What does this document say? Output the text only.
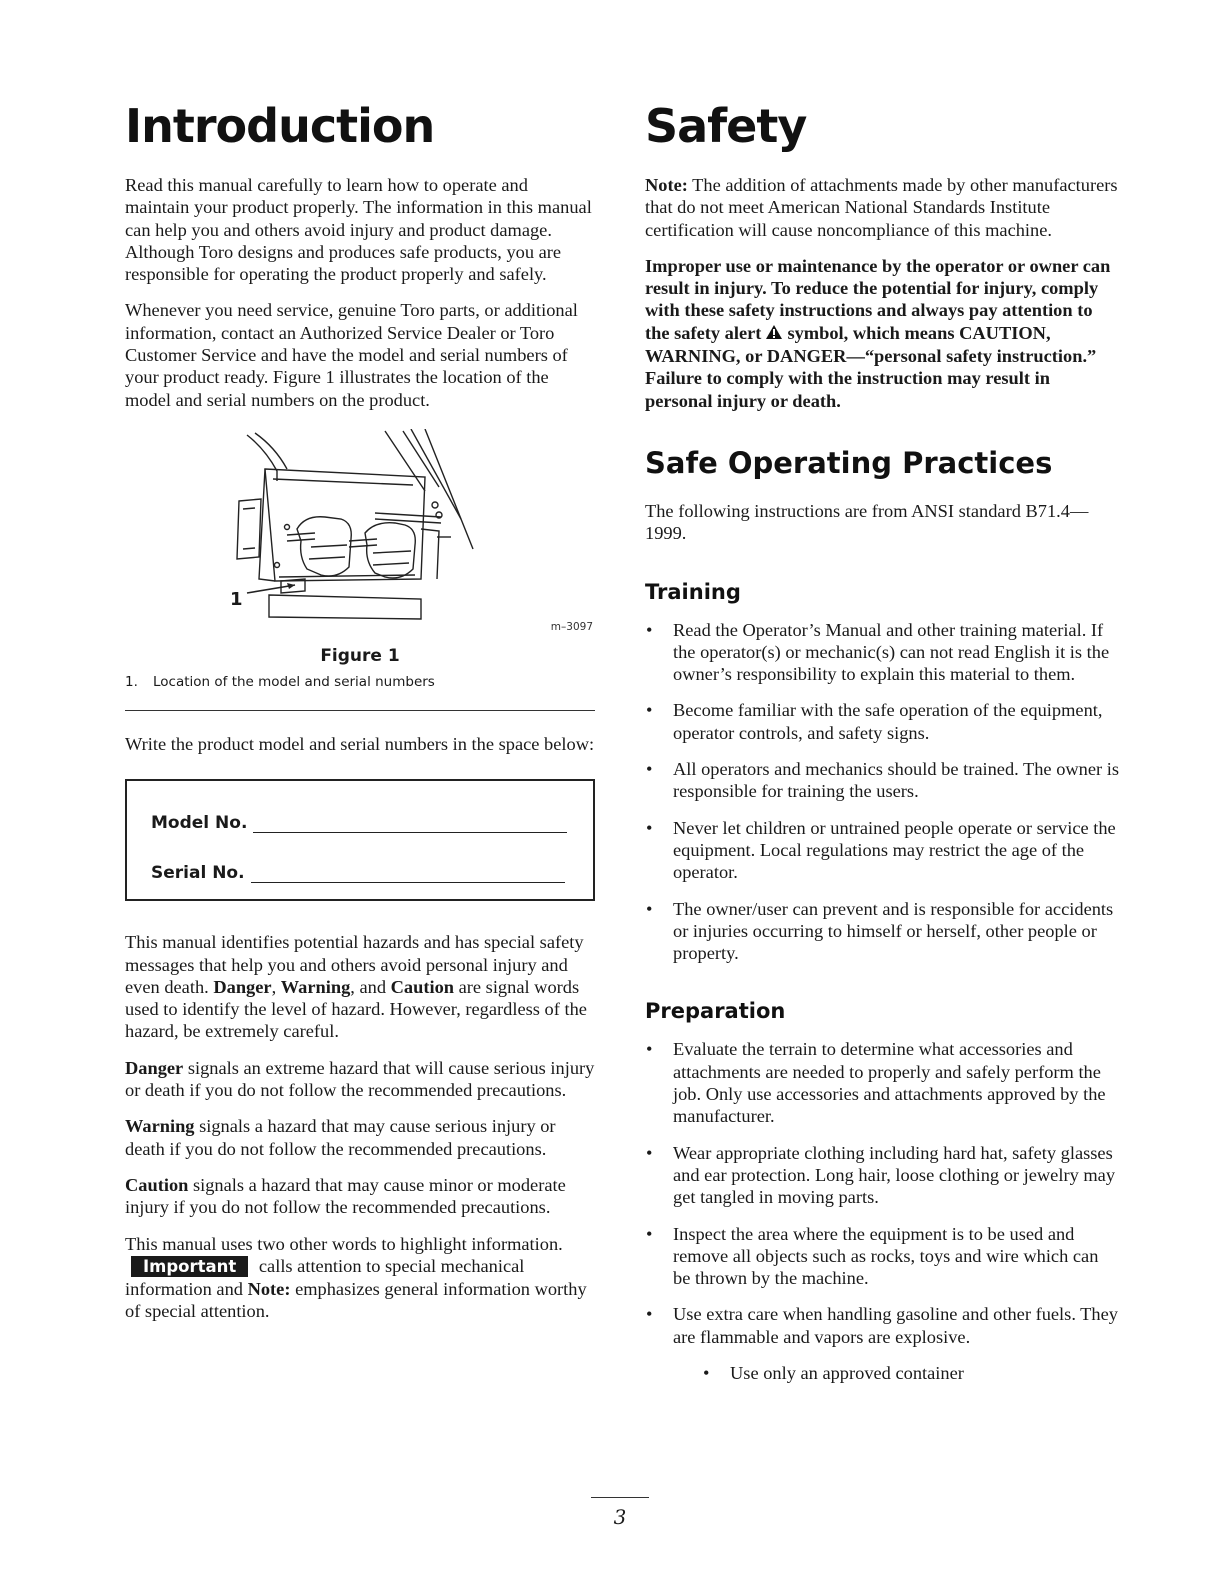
Introduction

Read this manual carefully to learn how to operate and maintain your product properly. The information in this manual can help you and others avoid injury and product damage. Although Toro designs and produces safe products, you are responsible for operating the product properly and safely.

Whenever you need service, genuine Toro parts, or additional information, contact an Authorized Service Dealer or Toro Customer Service and have the model and serial numbers of your product ready. Figure 1 illustrates the location of the model and serial numbers on the product.

1
m–3097
Figure 1
1. Location of the model and serial numbers

Write the product model and serial numbers in the space below:

Model No.
Serial No.

This manual identifies potential hazards and has special safety messages that help you and others avoid personal injury and even death. Danger, Warning, and Caution are signal words used to identify the level of hazard. However, regardless of the hazard, be extremely careful.

Danger signals an extreme hazard that will cause serious injury or death if you do not follow the recommended precautions.

Warning signals a hazard that may cause serious injury or death if you do not follow the recommended precautions.

Caution signals a hazard that may cause minor or moderate injury if you do not follow the recommended precautions.

This manual uses two other words to highlight information. Important calls attention to special mechanical information and Note: emphasizes general information worthy of special attention.

Safety

Note: The addition of attachments made by other manufacturers that do not meet American National Standards Institute certification will cause noncompliance of this machine.

Improper use or maintenance by the operator or owner can result in injury. To reduce the potential for injury, comply with these safety instructions and always pay attention to the safety alert symbol, which means CAUTION, WARNING, or DANGER—“personal safety instruction.” Failure to comply with the instruction may result in personal injury or death.

Safe Operating Practices

The following instructions are from ANSI standard B71.4—1999.

Training
• Read the Operator’s Manual and other training material. If the operator(s) or mechanic(s) can not read English it is the owner’s responsibility to explain this material to them.
• Become familiar with the safe operation of the equipment, operator controls, and safety signs.
• All operators and mechanics should be trained. The owner is responsible for training the users.
• Never let children or untrained people operate or service the equipment. Local regulations may restrict the age of the operator.
• The owner/user can prevent and is responsible for accidents or injuries occurring to himself or herself, other people or property.
Preparation
• Evaluate the terrain to determine what accessories and attachments are needed to properly and safely perform the job. Only use accessories and attachments approved by the manufacturer.
• Wear appropriate clothing including hard hat, safety glasses and ear protection. Long hair, loose clothing or jewelry may get tangled in moving parts.
• Inspect the area where the equipment is to be used and remove all objects such as rocks, toys and wire which can be thrown by the machine.
• Use extra care when handling gasoline and other fuels. They are flammable and vapors are explosive.
• Use only an approved container
3
